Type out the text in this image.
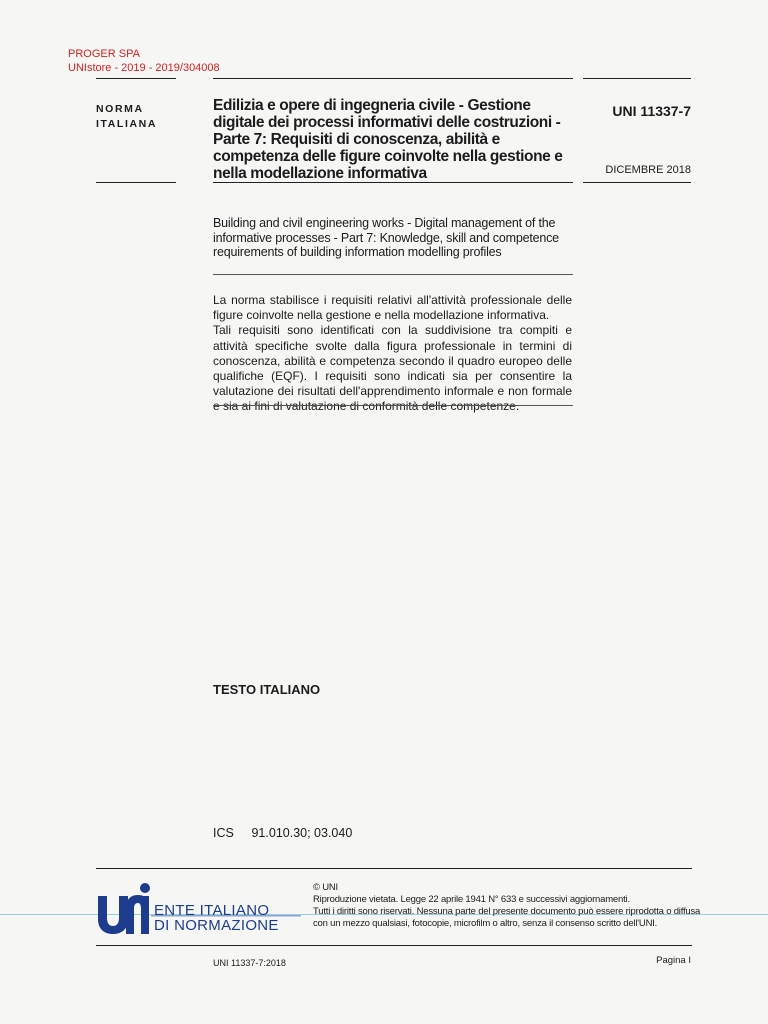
PROGER SPA
UNIstore - 2019 - 2019/304008
NORMA
ITALIANA
Edilizia e opere di ingegneria civile - Gestione digitale dei processi informativi delle costruzioni - Parte 7: Requisiti di conoscenza, abilità e competenza delle figure coinvolte nella gestione e nella modellazione informativa
UNI 11337-7
DICEMBRE 2018
Building and civil engineering works - Digital management of the informative processes - Part 7: Knowledge, skill and competence requirements of building information modelling profiles

La norma stabilisce i requisiti relativi all'attività professionale delle figure coinvolte nella gestione e nella modellazione informativa.

Tali requisiti sono identificati con la suddivisione tra compiti e attività specifiche svolte dalla figura professionale in termini di conoscenza, abilità e competenza secondo il quadro europeo delle qualifiche (EQF). I requisiti sono indicati sia per consentire la valutazione dei risultati dell'apprendimento informale e non formale e sia ai fini di valutazione di conformità delle competenze.

TESTO ITALIANO
ICS 91.010.30; 03.040
ENTE ITALIANO
DI NORMAZIONE
© UNI
Riproduzione vietata. Legge 22 aprile 1941 N° 633 e successivi aggiornamenti.
Tutti i diritti sono riservati. Nessuna parte del presente documento può essere riprodotta o diffusa
con un mezzo qualsiasi, fotocopie, microfilm o altro, senza il consenso scritto dell'UNI.
UNI 11337-7:2018	Pagina I
